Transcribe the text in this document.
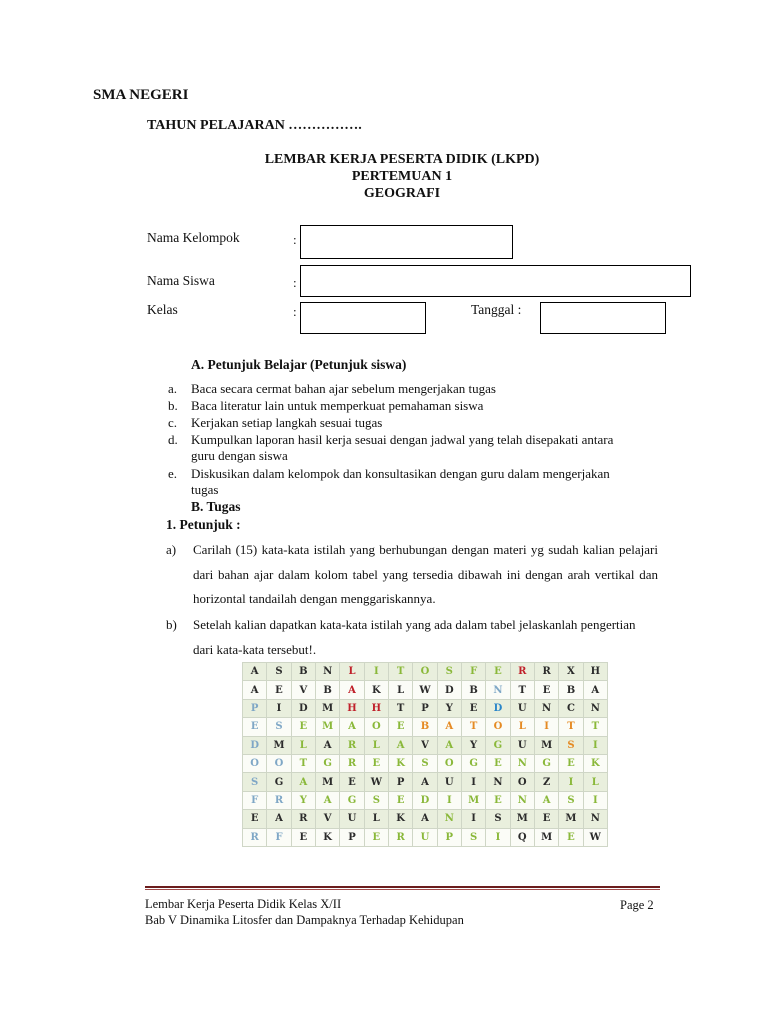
SMA NEGERI
TAHUN PELAJARAN …………….
LEMBAR KERJA PESERTA DIDIK (LKPD)
PERTEMUAN 1
GEOGRAFI
Nama Kelompok	:
Nama Siswa	:
Kelas	:	Tanggal :
A. Petunjuk Belajar (Petunjuk siswa)
a. Baca secara cermat bahan ajar sebelum mengerjakan tugas
b. Baca literatur lain untuk memperkuat pemahaman siswa
c. Kerjakan setiap langkah sesuai tugas
d. Kumpulkan laporan hasil kerja sesuai dengan jadwal yang telah disepakati antara guru dengan siswa
e. Diskusikan dalam kelompok dan konsultasikan dengan guru dalam mengerjakan tugas
B. Tugas
1. Petunjuk :
a) Carilah (15) kata-kata istilah yang berhubungan dengan materi yg sudah kalian pelajari dari bahan ajar dalam kolom tabel yang tersedia dibawah ini dengan arah vertikal dan horizontal tandailah dengan menggariskannya.
b) Setelah kalian dapatkan kata-kata istilah yang ada dalam tabel jelaskanlah pengertian dari kata-kata tersebut!.
A	S	B	N	L	I	T	O	S	F	E	R	R	X	H
A	E	V	B	A	K	L	W	D	B	N	T	E	B	A
P	I	D	M	H	H	T	P	Y	E	D	U	N	C	N
E	S	E	M	A	O	E	B	A	T	O	L	I	T	T
D	M	L	A	R	L	A	V	A	Y	G	U	M	S	I
O	O	T	G	R	E	K	S	O	G	E	N	G	E	K
S	G	A	M	E	W	P	A	U	I	N	O	Z	I	L
F	R	Y	A	G	S	E	D	I	M	E	N	A	S	I
E	A	R	V	U	L	K	A	N	I	S	M	E	M	N
R	F	E	K	P	E	R	U	P	S	I	Q	M	E	W
Lembar Kerja Peserta Didik Kelas X/II
Bab V Dinamika Litosfer dan Dampaknya Terhadap Kehidupan
Page 2
